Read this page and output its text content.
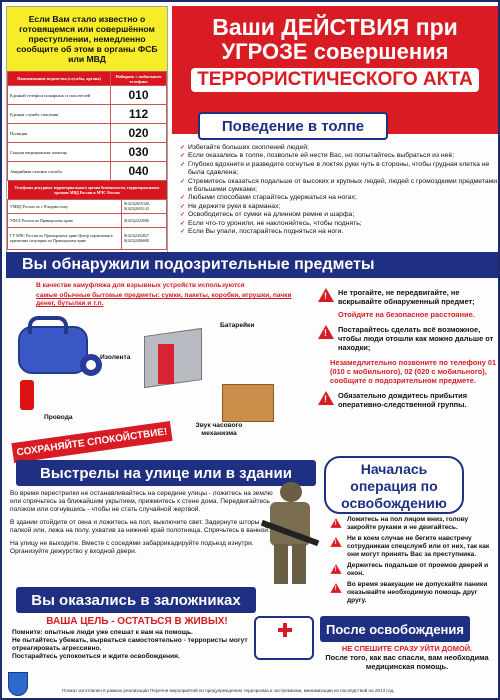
Если Вам стало известно о готовящемся или совершённом преступлении, немедленно сообщите об этом в органы ФСБ или МВД
Наименование ведомства (службы, органа)	Набирать с мобильного телефона
Единый телефон пожарных и спасателей	010
Единая служба спасения	112
Полиция	020
Скорая медицинская помощь	030
Аварийная газовая служба	040
Телефоны дежурных территориального органа безопасности, территориальных органов МВД России и МЧС России	
УМВД России по г. Владивостоку	8(423)2655340, 8(423)2655143
УФСБ России по Приморскому краю	8(423)2224586
ГУ МЧС России по Приморскому краю Центр управления в кризисных ситуациях по Приморскому краю	8(423)2432827 8(423)2406680
Ваши ДЕЙСТВИЯ при
УГРОЗЕ совершения
ТЕРРОРИСТИЧЕСКОГО АКТА
Поведение в толпе
✓ Избегайте больших скоплений людей;
✓ Если оказались в толпе, позвольте ей нести Вас, но попытайтесь выбраться из неё;
✓ Глубоко вдохните и разведите согнутые в локтях руки чуть в стороны, чтобы грудная клетка не была сдавлена;
✓ Стремитесь оказаться подальше от высоких и крупных людей, людей с громоздкими предметами и большими сумками;
✓ Любыми способами старайтесь удержаться на ногах;
✓ Не держите руки в карманах;
✓ Освободитесь от сумки на длинном ремне и шарфа;
✓ Если что-то уронили, не наклоняйтесь, чтобы поднять;
✓ Если Вы упали, постарайтесь подняться на ноги.
Вы обнаружили подозрительные предметы
В качестве камуфляжа для взрывных устройств используются
самые обычные бытовые предметы: сумки, пакеты, коробки, игрушки, пачки денег, бутылки и т.п.
Изолента
Батарейки
Провода
Звук часового механизма
СОХРАНЯЙТЕ СПОКОЙСТВИЕ!
!
Не трогайте, не передвигайте, не вскрывайте обнаруженный предмет;
Отойдите на безопасное расстояние.
!
Постарайтесь сделать всё возможное, чтобы люди отошли как можно дальше от находки;
Незамедлительно позвоните по телефону 01 (010 с мобильного), 02 (020 с мобильного), сообщите о подозрительном предмете.
!
Обязательно дождитесь прибытия оперативно-следственной группы.
Выстрелы на улице или в здании

Во время перестрелки не останавливайтесь на середине улицы - ложитесь на землю или спрячьтесь за ближайшим укрытием, прижмитесь к стене дома. Передвигайтесь ползком или согнувшись - чтобы не стать случайной жертвой.

В здании отойдите от окна и ложитесь на пол, выключите свет. Задернуте шторы палкой или, лежа на полу, ухватив за нижний край полотнища. Спрячьтесь в ванной.

На улицу не выходите. Вместе с соседями забаррикадируйте подъезд изнутри. Организуйте дежурство у входной двери.

Началась операция по освобождению
!
Ложитесь на пол лицом вниз, голову закройте руками и не двигайтесь.
!
Ни в коем случае не бегите навстречу сотрудникам спецслужб или от них, так как они могут принять Вас за преступника.
!
Держитесь подальше от проемов дверей и окон.
!
Во время эвакуации не допускайте паники оказывайте необходимую помощь друг другу.
Вы оказались в заложниках
ВАША ЦЕЛЬ - ОСТАТЬСЯ В ЖИВЫХ!
Помните: опытные люди уже спешат к вам на помощь.
Не пытайтесь убежать, вырваться самостоятельно - террористы могут отреагировать агрессивно.
Постарайтесь успокоиться и ждите освобождения.
После освобождения
НЕ СПЕШИТЕ СРАЗУ УЙТИ ДОМОЙ.
После того, как вас спасли, вам необходима медицинская помощь.
Плакат изготовлен в рамках реализации Перечня мероприятий по предупреждению терроризма и экстремизма, минимизации их последствий на 2013 год.
